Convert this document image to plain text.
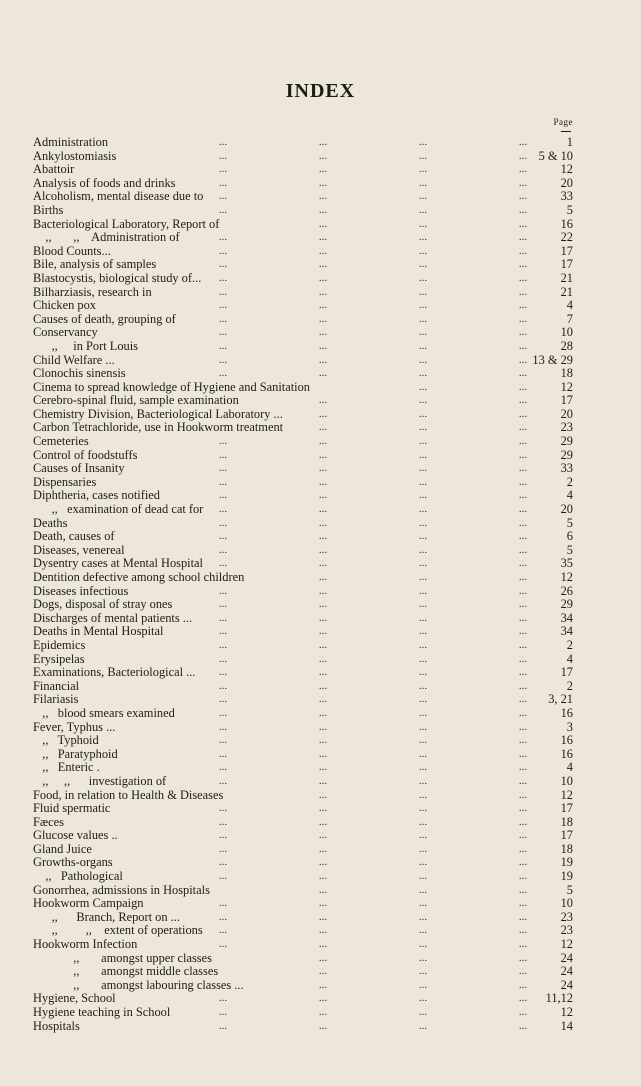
INDEX
Page
Administration	...	...	...	...	1
Ankylostomiasis	...	...	...	... 5 & 10
Abattoir	...	...	...	...	12
Analysis of foods and drinks	...	...	...	...	20
Alcoholism, mental disease due to	...	...	...	...	33
Births	...	...	...	...	5
Bacteriological Laboratory, Report of	...	...	...	16
,,       ,,    Administration of	...	...	...	...	22
Blood Counts...	...	...	...	...	17
Bile, analysis of samples	...	...	...	...	17
Blastocystis, biological study of...	...	...	...	...	21
Bilharziasis, research in	...	...	...	...	21
Chicken pox	...	...	...	...	4
Causes of death, grouping of	...	...	...	...	7
Conservancy	...	...	...	...	10
,,     in Port Louis	...	...	...	...	28
Child Welfare ...	...	...	...	... 13 & 29
Clonochis sinensis	...	...	...	...	18
Cinema to spread knowledge of Hygiene and Sanitation	...	...	12
Cerebro-spinal fluid, sample examination	...	...	...	17
Chemistry Division, Bacteriological Laboratory ...	...	...	...	20
Carbon Tetrachloride, use in Hookworm treatment	...	...	...	23
Cemeteries	...	...	...	...	29
Control of foodstuffs	...	...	...	...	29
Causes of Insanity	...	...	...	...	33
Dispensaries	...	...	...	...	2
Diphtheria, cases notified	...	...	...	...	4
,,   examination of dead cat for	...	...	...	...	20
Deaths	...	...	...	...	5
Death, causes of	...	...	...	...	6
Diseases, venereal	...	...	...	...	5
Dysentry cases at Mental Hospital	...	...	...	...	35
Dentition defective among school children	...	...	...	12
Diseases infectious	...	...	...	...	26
Dogs, disposal of stray ones	...	...	...	...	29
Discharges of mental patients ...	...	...	...	...	34
Deaths in Mental Hospital	...	...	...	...	34
Epidemics	...	...	...	...	2
Erysipelas	...	...	...	...	4
Examinations, Bacteriological ...	...	...	...	...	17
Financial	...	...	...	...	2
Filariasis	...	...	...	...	3, 21
,,   blood smears examined	...	...	...	...	16
Fever, Typhus ...	...	...	...	...	3
,,   Typhoid	...	...	...	...	16
,,   Paratyphoid	...	...	...	...	16
,,   Enteric .	...	...	...	...	4
,,     ,,      investigation of	...	...	...	...	10
Food, in relation to Health & Diseases	...	...	...	12
Fluid spermatic	...	...	...	...	17
Fæces	...	...	...	...	18
Glucose values ..	...	...	...	...	17
Gland Juice	...	...	...	...	18
Growths-organs	...	...	...	...	19
,,   Pathological	...	...	...	...	19
Gonorrhea, admissions in Hospitals	...	...	...	5
Hookworm Campaign	...	...	...	...	10
,,      Branch, Report on ...	...	...	...	...	23
,,         ,,    extent of operations	...	...	...	...	23
Hookworm Infection	...	...	...	...	12
,,       amongst upper classes	...	...	...	24
,,       amongst middle classes	...	...	...	24
,,       amongst labouring classes ...	...	...	...	24
Hygiene, School	...	...	...	...	11,12
Hygiene teaching in School	...	...	...	...	12
Hospitals	...	...	...	...	14
